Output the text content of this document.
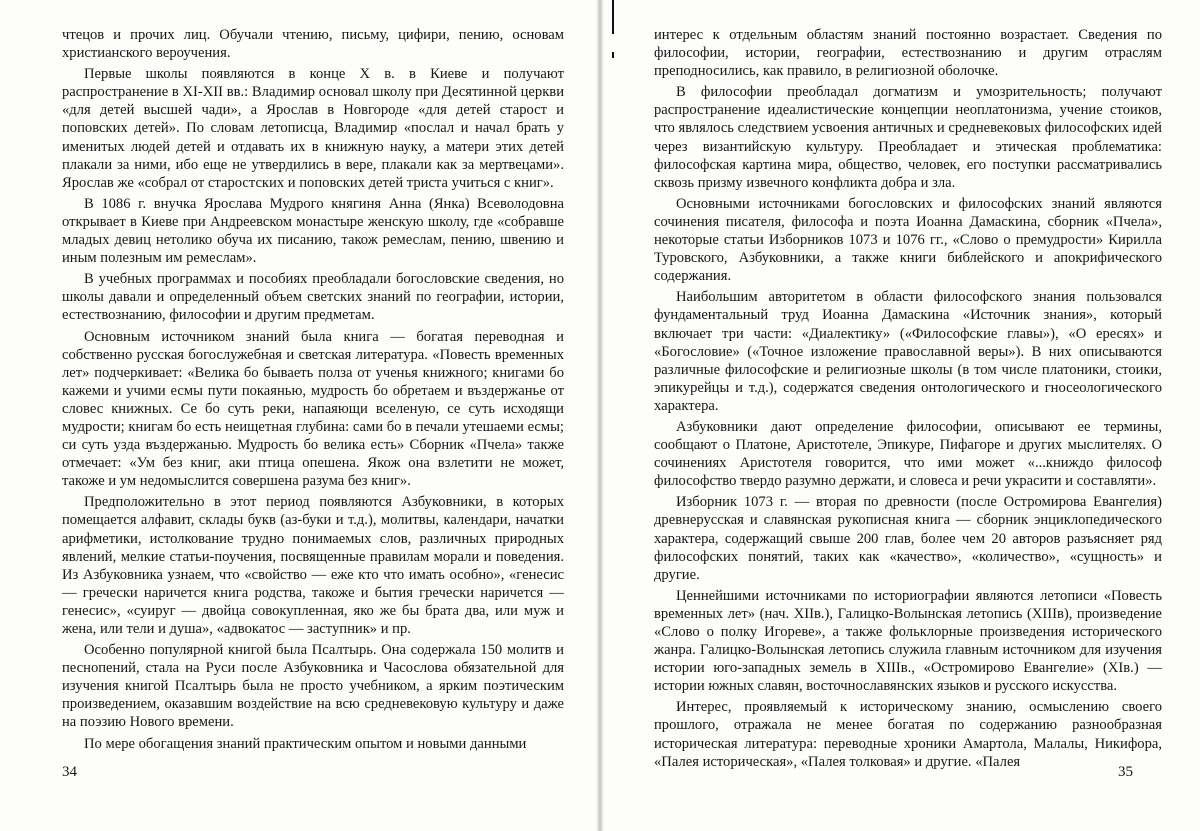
чтецов и прочих лиц. Обучали чтению, письму, цифири, пению, основам христианского вероучения.

Первые школы появляются в конце X в. в Киеве и получают распространение в XI-XII вв.: Владимир основал школу при Десятинной церкви «для детей высшей чади», а Ярослав в Новгороде «для детей старост и поповских детей». По словам летописца, Владимир «послал и начал брать у именитых людей детей и отдавать их в книжную науку, а матери этих детей плакали за ними, ибо еще не утвердились в вере, плакали как за мертвецами». Ярослав же «собрал от старостских и поповских детей триста учиться с книг».

В 1086 г. внучка Ярослава Мудрого княгиня Анна (Янка) Всеволодовна открывает в Киеве при Андреевском монастыре женскую школу, где «собравше младых девиц нетолико обуча их писанию, також ремеслам, пению, швению и иным полезным им ремеслам».

В учебных программах и пособиях преобладали богословские сведения, но школы давали и определенный объем светских знаний по географии, истории, естествознанию, философии и другим предметам.

Основным источником знаний была книга — богатая переводная и собственно русская богослужебная и светская литература. «Повесть временных лет» подчеркивает: «Велика бо бываеть полза от ученья книжного; книгами бо кажеми и учими есмы пути покаянью, мудрость бо обретаем и въздержанье от словес книжных. Се бо суть реки, напаяющи вселеную, се суть исходящи мудрости; книгам бо есть неищетная глубина: сами бо в печали утешаеми есмы; си суть узда въздержанью. Мудрость бо велика есть» Сборник «Пчела» также отмечает: «Ум без книг, аки птица опешена. Якож она взлетити не может, такоже и ум недомыслится совершена разума без книг».

Предположительно в этот период появляются Азбуковники, в которых помещается алфавит, склады букв (аз-буки и т.д.), молитвы, календари, начатки арифметики, истолкование трудно понимаемых слов, различных природных явлений, мелкие статьи-поучения, посвященные правилам морали и поведения. Из Азбуковника узнаем, что «свойство — еже кто что имать особно», «генесис — гречески наричется книга родства, такоже и бытия гречески наричется — генесис», «суируг — двойца совокупленная, яко же бы брата два, или муж и жена, или тели и душа», «адвокатос — заступник» и пр.

Особенно популярной книгой была Псалтырь. Она содержала 150 молитв и песнопений, стала на Руси после Азбуковника и Часослова обязательной для изучения книгой Псалтырь была не просто учебником, а ярким поэтическим произведением, оказавшим воздействие на всю средневековую культуру и даже на поэзию Нового времени.

По мере обогащения знаний практическим опытом и новыми данными

34

интерес к отдельным областям знаний постоянно возрастает. Сведения по философии, истории, географии, естествознанию и другим отраслям преподносились, как правило, в религиозной оболочке.

В философии преобладал догматизм и умозрительность; получают распространение идеалистические концепции неоплатонизма, учение стоиков, что являлось следствием усвоения античных и средневековых философских идей через византийскую культуру. Преобладает и этическая проблематика: философская картина мира, общество, человек, его поступки рассматривались сквозь призму извечного конфликта добра и зла.

Основными источниками богословских и философских знаний являются сочинения писателя, философа и поэта Иоанна Дамаскина, сборник «Пчела», некоторые статьи Изборников 1073 и 1076 гг., «Слово о премудрости» Кирилла Туровского, Азбуковники, а также книги библейского и апокрифического содержания.

Наибольшим авторитетом в области философского знания пользовался фундаментальный труд Иоанна Дамаскина «Источник знания», который включает три части: «Диалектику» («Философские главы»), «О ересях» и «Богословие» («Точное изложение православной веры»). В них описываются различные философские и религиозные школы (в том числе платоники, стоики, эпикурейцы и т.д.), содержатся сведения онтологического и гносеологического характера.

Азбуковники дают определение философии, описывают ее термины, сообщают о Платоне, Аристотеле, Эпикуре, Пифагоре и других мыслителях. О сочинениях Аристотеля говорится, что ими может «...книждо философ философство твердо разумно держати, и словеса и речи украсити и составляти».

Изборник 1073 г. — вторая по древности (после Остромирова Евангелия) древнерусская и славянская рукописная книга — сборник энциклопедического характера, содержащий свыше 200 глав, более чем 20 авторов разъясняет ряд философских понятий, таких как «качество», «количество», «сущность» и другие.

Ценнейшими источниками по историографии являются летописи «Повесть временных лет» (нач. XIIв.), Галицко-Волынская летопись (XIIIв), произведение «Слово о полку Игореве», а также фольклорные произведения исторического жанра. Галицко-Волынская летопись служила главным источником для изучения истории юго-западных земель в XIIIв., «Остромирово Евангелие» (XIв.) — истории южных славян, восточнославянских языков и русского искусства.

Интерес, проявляемый к историческому знанию, осмыслению своего прошлого, отражала не менее богатая по содержанию разнообразная историческая литература: переводные хроники Амартола, Малалы, Никифора, «Палея историческая», «Палея толковая» и другие. «Палея

35
